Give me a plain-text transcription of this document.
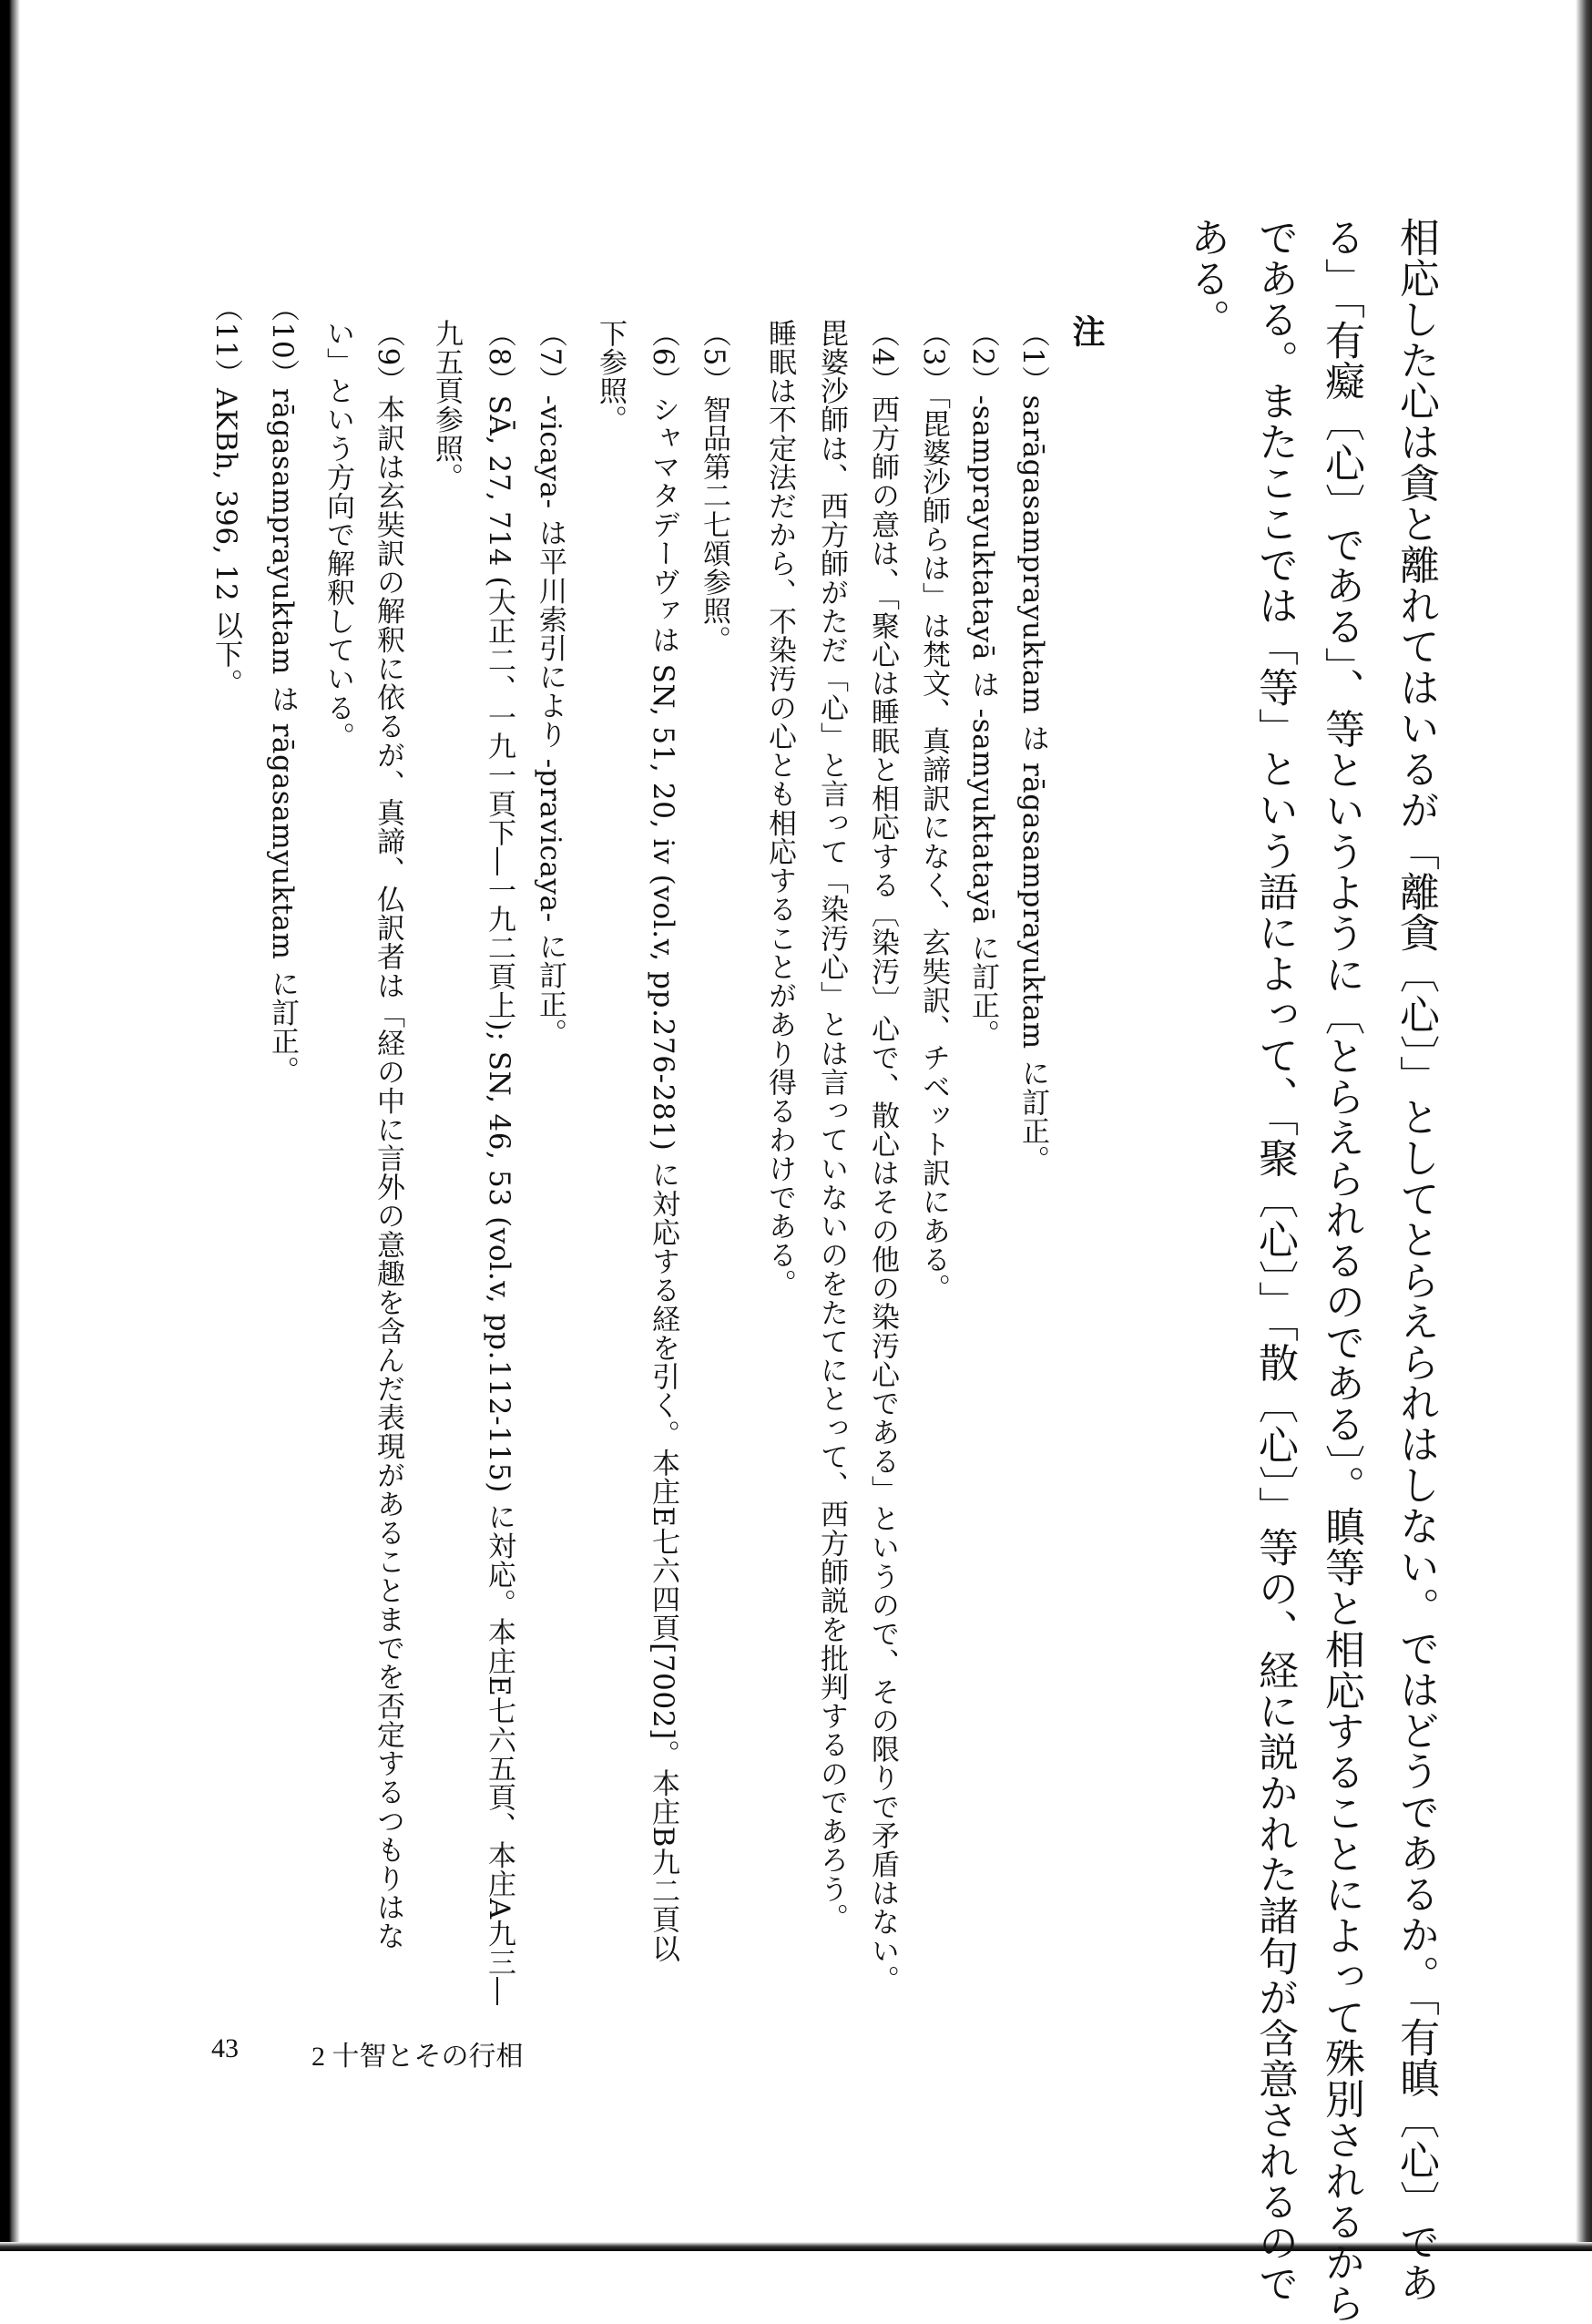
相応した心は貪と離れてはいるが「離貪〔心〕」としてとらえられはしない。ではどうであるか。「有瞋〔心〕であ
る」「有癡〔心〕である」、等というように〔とらえられるのである〕。瞋等と相応することによって殊別されるから
である。またここでは「等」という語によって、「聚〔心〕」「散〔心〕」等の、経に説かれた諸句が含意されるので
ある。
注
（1）sarāgasamprayuktam は rāgasamprayuktam に訂正。
（2）-samprayuktatayā は -samyuktatayā に訂正。
（3）「毘婆沙師らは」は梵文、真諦訳になく、玄奘訳、チベット訳にある。
（4）西方師の意は、「聚心は睡眠と相応する〔染汚〕心で、散心はその他の染汚心である」というので、その限りで矛盾はない。
毘婆沙師は、西方師がただ「心」と言って「染汚心」とは言っていないのをたてにとって、西方師説を批判するのであろう。
睡眠は不定法だから、不染汚の心とも相応することがあり得るわけである。
（5）智品第二七頌参照。
（6）シャマタデーヴァは SN, 51, 20, iv (vol.v, pp.276-281) に対応する経を引く。本庄E七六四頁[7002]。本庄B九二頁以
下参照。
（7）-vicaya- は平川索引により -pravicaya- に訂正。
（8）SĀ, 27, 714 (大正二、一九一頁下―一九二頁上); SN, 46, 53 (vol.v, pp.112-115) に対応。本庄E七六五頁、本庄A九三―
九五頁参照。
（9）本訳は玄奘訳の解釈に依るが、真諦、仏訳者は「経の中に言外の意趣を含んだ表現があることまでを否定するつもりはな
い」という方向で解釈している。
（10）rāgasamprayuktam は rāgasamyuktam に訂正。
（11）AKBh, 396, 12 以下。
43	2 十智とその行相
